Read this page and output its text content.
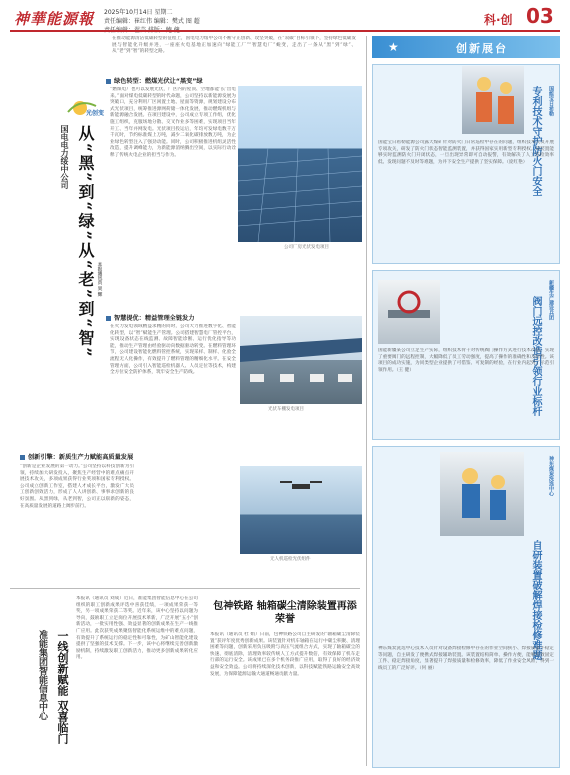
神華能源報 2025年10月14日 星期二
责任编辑：崔红伟 编辑：樊式 图 超	科·创 03
光创变
在推动能源清洁低碳转型的征程上，国电电力绥中公司不断守正创新、攻坚突破，在“双碳”目标引领下，坚持绿色低碳发展与智能化升级并进，一座座火电基地正加速向“绿能工厂”“智慧电厂”蜕变，走出了一条从“黑”到“绿”、从“老”到“智”的转型之路。
国电电力绥中公司 从“黑”到“绿”从“老”到“智” 本报通讯员 吴 辉
绿色转型：燃煤光伏让“黑变”绿
“燃煤电厂也可以发展光伏，厂区内的屋顶、空地都能‘长’出电来。”面对煤电低碳转型的时代命题，公司坚持以新能源发展为突破口，充分利用厂区闲置土地、屋面等资源，规划建设分布式光伏项目，统筹推进源网荷储一体化发展，推动燃煤机组与新能源融合发展。在项目建设中，公司成立专项工作组，优化施工组织，克服场地分散、交叉作业多等困难，实现项目当年开工、当年并网发电。光伏项目投运后，年均可发绿电数千万千瓦时，节约标准煤上万吨，减少二氧化碳排放数万吨，为企业绿色转型注入了强劲动能。同时，公司积极推进机组灵活性改造，提升调峰能力，为新能源消纳腾出空间，以实际行动诠释了传统火电企业的担当与作为。
公司厂房光伏发电项目
智慧提优：精益管理全链发力
在火力发电领域精益求精的同时，公司大力推进数字化、智能化转型，以“智”赋能生产管理。公司搭建智慧电厂管控平台，实现设备状态在线监测、故障智能诊断、运行优化指导等功能，推动生产管理由经验驱动向数据驱动转变。在燃料管理环节，公司建设智能化燃料管控系统，实现采样、制样、化验全流程无人化操作，有效提升了燃料管理的精细化水平。在安全管理方面，公司引入智能巡检机器人、人员定位等技术，构建全方位安全防护体系，筑牢安全生产防线。
光伏车棚发电项目
无人机巡检光伏组件
创新引擎：新质生产力赋能高质量发展
“创新是企业发展的第一动力。”公司坚持以科技创新为引领，持续加大研发投入，聚焦生产经营中的难点痛点开展技术攻关，多项成果获得行业奖项和国家专利授权。公司成立创新工作室，搭建人才成长平台，激发广大员工创新创效活力，形成了人人讲创新、事事求创新的良好氛围。从黑到绿，从老到智，公司正以崭新的姿态，在高质量发展的道路上阔步前行。
一线创新赋能 双喜临门
准能集团智能信息中心
本报讯（通讯员 刘成）近日，准能集团智能信息中心在公司组织的职工创新成果评选中喜获佳绩，一项成果荣获一等奖，另一项成果荣获二等奖。近年来，该中心坚持以问题为导向，鼓励职工立足岗位开展技术革新，广泛开展“五小”创新活动，一批实用性强、效益显著的创新成果在生产一线推广应用。此次获奖成果聚焦智能化系统运维中的难点问题，有效提升了系统运行的稳定性和可靠性，为矿山智能化建设提供了坚强的技术支撑。下一步，该中心将继续完善创新激励机制，持续激发职工创新活力，推动更多创新成果转化应用。
包神铁路 轴箱碳尘清除装置再添荣誉
本报讯（通讯员 杜 娟）日前，包神铁路公司自主研发的“轴箱碳尘清除装置”获评年度优秀创新成果。该装置针对机车轴箱在运行中碳尘积聚、清理困难等问题，创新采用负压吸附与高压气流组合方式，实现了轴箱碳尘的快速、彻底清除，清理效率较传统人工方式提升数倍，有效保障了机车走行部的运行安全。该成果已在多个机务段推广应用，取得了良好的经济效益和安全效益。公司将持续深化技术创新，以科技赋能铁路运输安全高效发展，为保障能源运输大通道畅通贡献力量。
★	创新展台
专利技术守护防火门安全	国能宝日希勒
国能宝日希勒能源公司露天煤矿针对防火门日常巡检中存在的问题，组织技术人员开展专项攻关，研发了防火门状态智能监测装置，并获得国家实用新型专利授权。该装置能够实时监测防火门开闭状态，一旦出现异常即可自动报警，有效解决了人工巡检效率低、发现问题不及时等难题，为井下安全生产提供了坚实保障。（庞红艳）
新疆生产建设兵团
阀门远控改造引领行业标杆
国能新疆某公司立足生产实际，组织技术骨干对传统阀门操作方式进行技术改造，实现了重要阀门的远程控制，大幅降低了员工劳动强度，提高了操作的准确性和及时性。该项目的成功实施，为同类型企业提供了可借鉴、可复制的经验，在行业内起到了示范引领作用。（王 健）
神东煤炭洗选中心
自研装置破解焊接检修难题
神东煤炭洗选中心技术人员针对设备焊接检修中存在的作业空间狭小、焊接质量不稳定等问题，自主研发了便携式焊接辅助装置。该装置结构简单、操作方便，能够有效固定工件、稳定焊接角度，显著提升了焊接质量和检修效率，降低了作业安全风险，得到一线员工的广泛好评。（何 丽）
